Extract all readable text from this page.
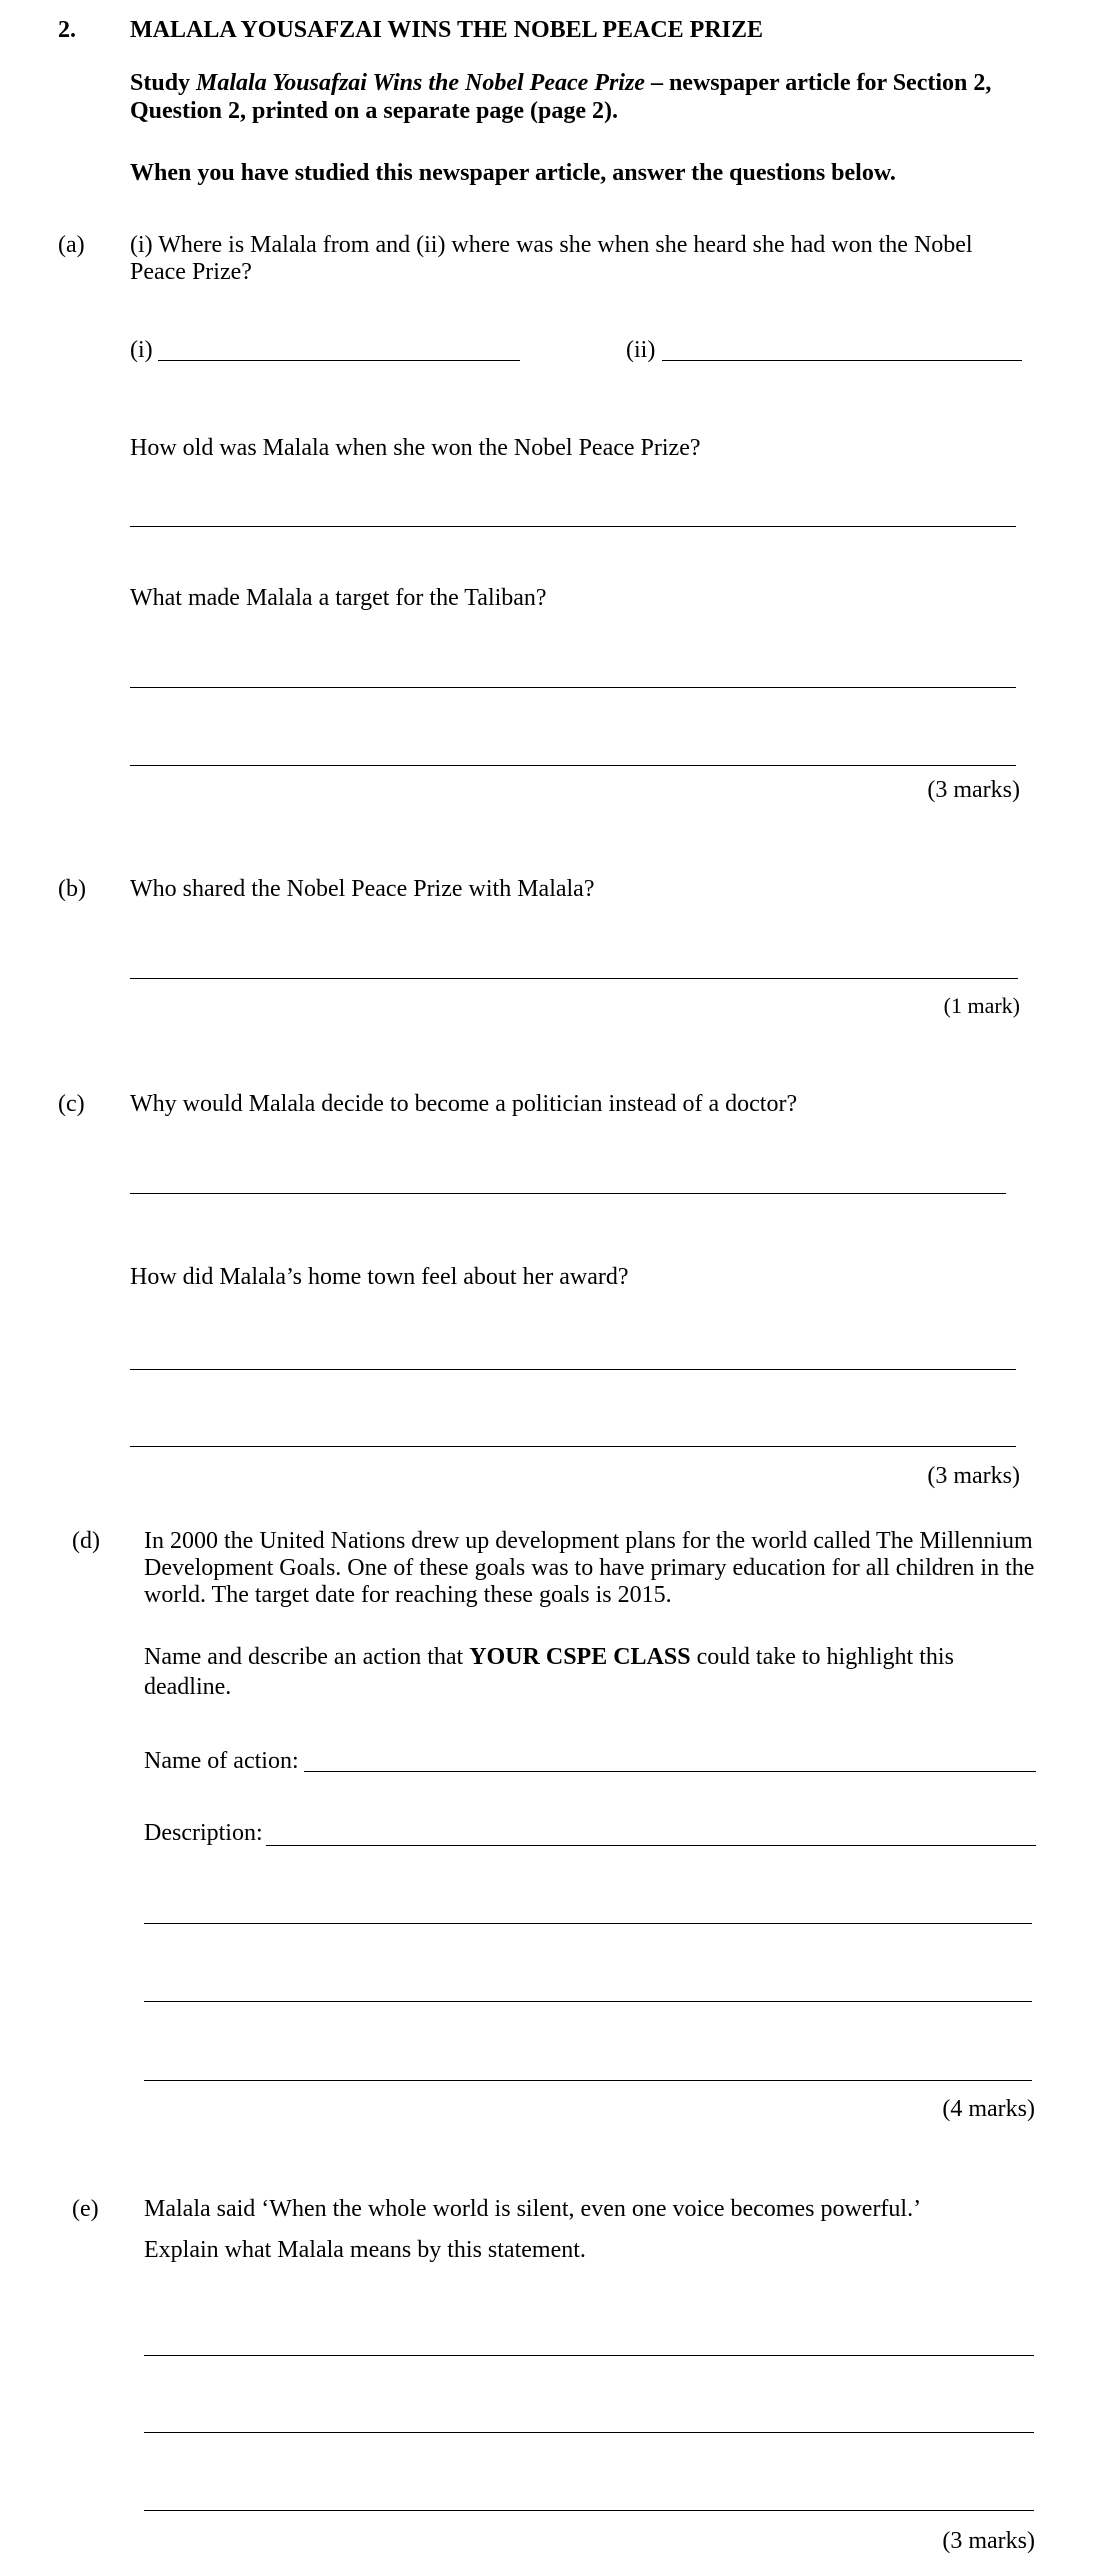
2. MALALA YOUSAFZAI WINS THE NOBEL PEACE PRIZE
Study Malala Yousafzai Wins the Nobel Peace Prize – newspaper article for Section 2,
Question 2, printed on a separate page (page 2).
When you have studied this newspaper article, answer the questions below.
(a) (i) Where is Malala from and (ii) where was she when she heard she had won the Nobel
Peace Prize?
(i)	(ii)
How old was Malala when she won the Nobel Peace Prize?
What made Malala a target for the Taliban?
(3 marks)
(b) Who shared the Nobel Peace Prize with Malala?
(1 mark)
(c) Why would Malala decide to become a politician instead of a doctor?
How did Malala’s home town feel about her award?
(3 marks)
(d) In 2000 the United Nations drew up development plans for the world called The Millennium
Development Goals. One of these goals was to have primary education for all children in the
world. The target date for reaching these goals is 2015.
Name and describe an action that YOUR CSPE CLASS could take to highlight this
deadline.
Name of action:
Description:
(4 marks)
(e) Malala said ‘When the whole world is silent, even one voice becomes powerful.’
Explain what Malala means by this statement.
(3 marks)
